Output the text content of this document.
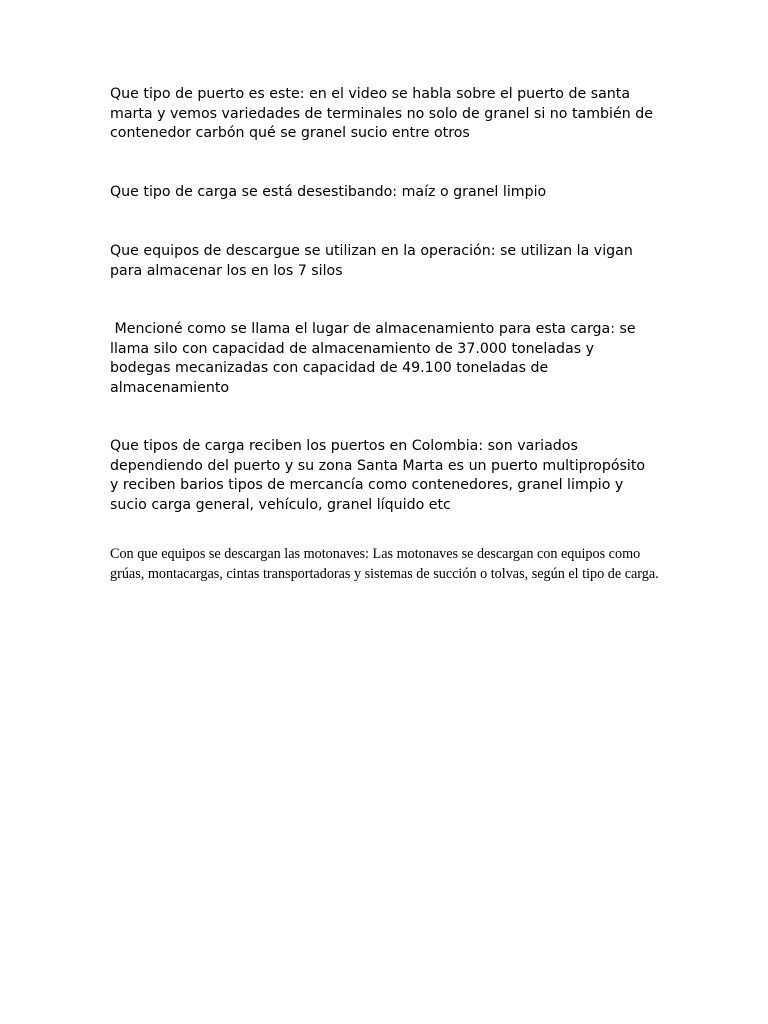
Que tipo de puerto es este: en el video se habla sobre el puerto de santa marta y vemos variedades de terminales no solo de granel si no también de contenedor carbón qué se granel sucio entre otros

Que tipo de carga se está desestibando: maíz o granel limpio

Que equipos de descargue se utilizan en la operación: se utilizan la vigan para almacenar los en los 7 silos

Mencioné como se llama el lugar de almacenamiento para esta carga: se llama silo con capacidad de almacenamiento de 37.000 toneladas y bodegas mecanizadas con capacidad de 49.100 toneladas de almacenamiento

Que tipos de carga reciben los puertos en Colombia: son variados dependiendo del puerto y su zona Santa Marta es un puerto multipropósito y reciben barios tipos de mercancía como contenedores, granel limpio y sucio carga general, vehículo, granel líquido etc

Con que equipos se descargan las motonaves: Las motonaves se descargan con equipos como grúas, montacargas, cintas transportadoras y sistemas de succión o tolvas, según el tipo de carga.
